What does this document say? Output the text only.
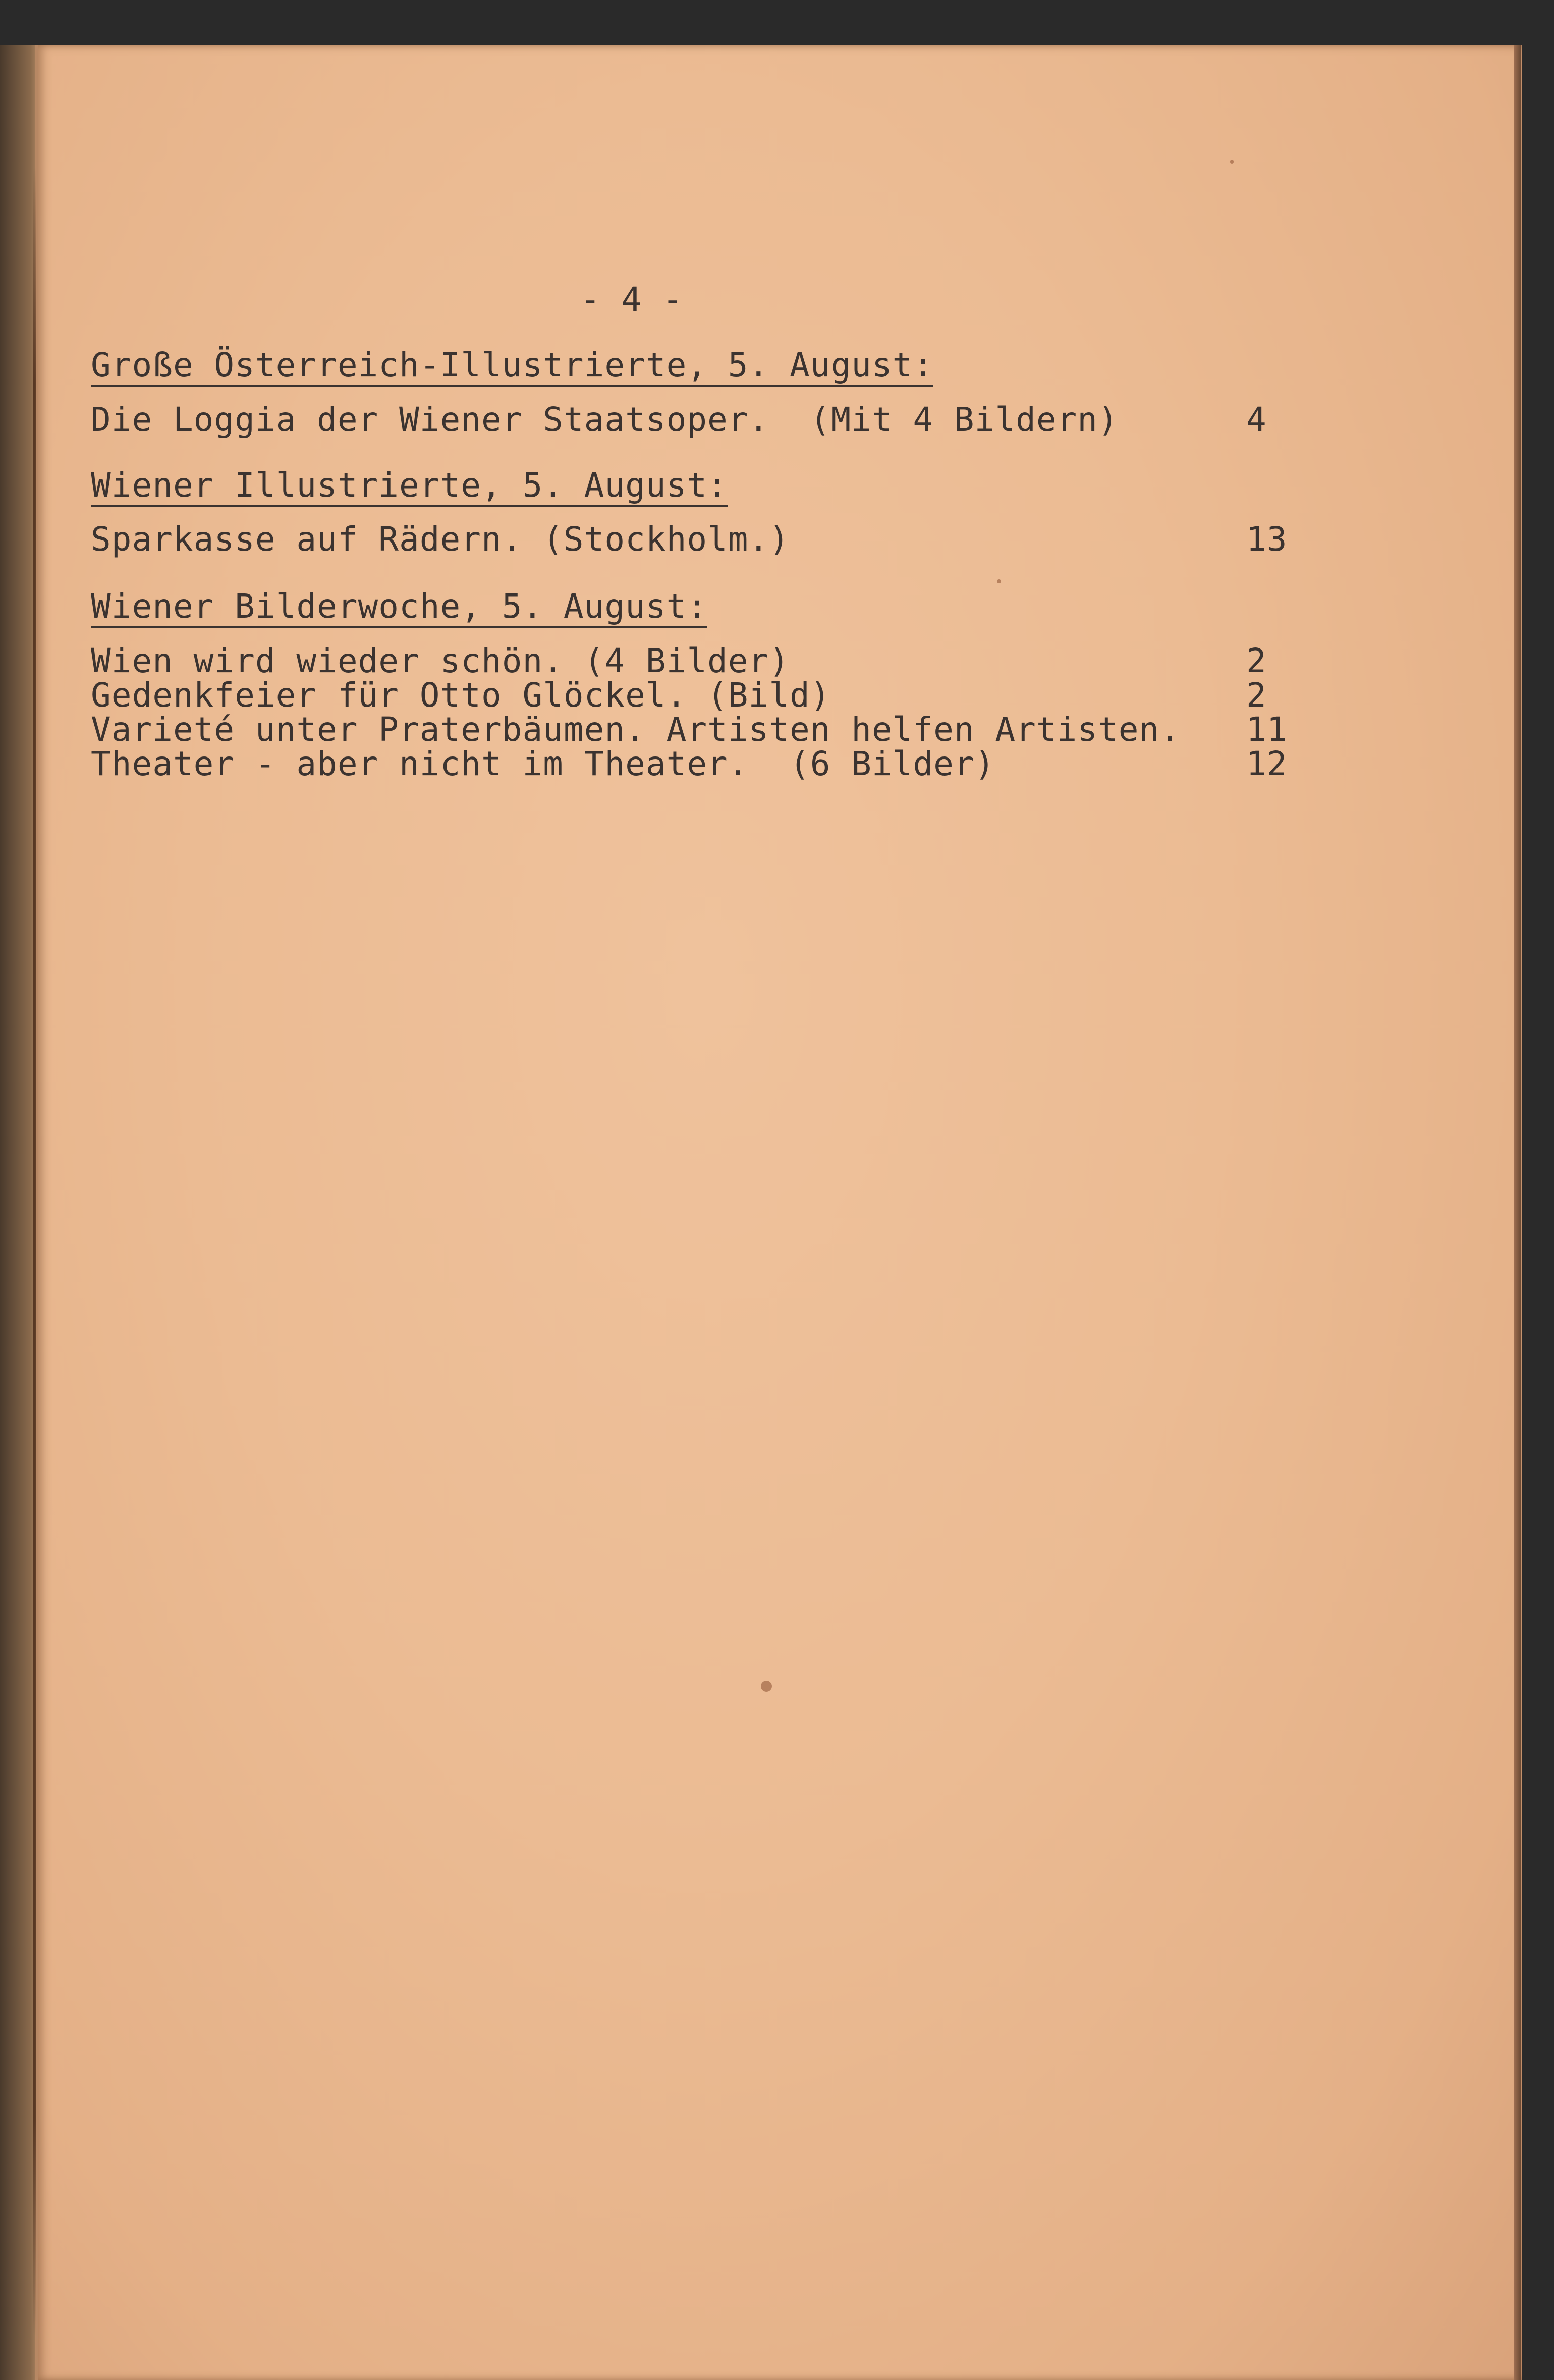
- 4 -
Große Österreich-Illustrierte, 5. August:
Die Loggia der Wiener Staatsoper.  (Mit 4 Bildern)	4
Wiener Illustrierte, 5. August:
Sparkasse auf Rädern. (Stockholm.)	13
Wiener Bilderwoche, 5. August:
Wien wird wieder schön. (4 Bilder)	2
Gedenkfeier für Otto Glöckel. (Bild)	2
Varieté unter Praterbäumen. Artisten helfen Artisten. 11
Theater - aber nicht im Theater.  (6 Bilder)	12
